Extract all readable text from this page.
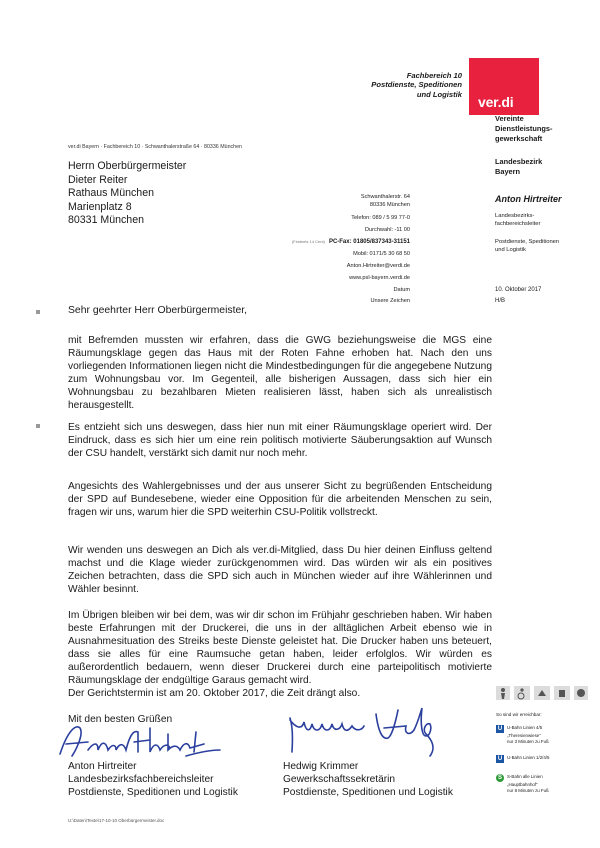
Fachbereich 10
Postdienste, Speditionen
und Logistik ver.di
ver.di Bayern · Fachbereich 10 · Schwanthalerstraße 64 · 80336 München
Herrn Oberbürgermeister
Dieter Reiter
Rathaus München
Marienplatz 8
80331 München
Schwanthalerstr. 64
80336 München
Telefon: 089 / 5 99 77-0
Durchwahl: -11 00
(Festnetz 14 Cent) PC-Fax: 01805/837343-31151
Mobil: 0171/5 30 68 50
Anton.Hirtreiter@verdi.de
www.psl-bayern.verdi.de
Datum
Unsere Zeichen
Vereinte
Dienstleistungs-
gewerkschaft
Landesbezirk
Bayern
Anton Hirtreiter
Landesbezirks-
fachbereichsleiter
Postdienste, Speditionen
und Logistik
10. Oktober 2017
H/B
Sehr geehrter Herr Oberbürgermeister,
mit Befremden mussten wir erfahren, dass die GWG beziehungsweise die MGS eine Räumungsklage gegen das Haus mit der Roten Fahne erhoben hat. Nach den uns vorliegenden Informationen liegen nicht die Mindestbedingungen für die angegebene Nutzung zum Wohnungsbau vor. Im Gegenteil, alle bisherigen Aussagen, dass sich hier ein Wohnungsbau zu bezahlbaren Mieten realisieren lässt, haben sich als unrealistisch herausgestellt.
Es entzieht sich uns deswegen, dass hier nun mit einer Räumungsklage operiert wird. Der Eindruck, dass es sich hier um eine rein politisch motivierte Säuberungsaktion auf Wunsch der CSU handelt, verstärkt sich damit nur noch mehr.
Angesichts des Wahlergebnisses und der aus unserer Sicht zu begrüßenden Entscheidung der SPD auf Bundesebene, wieder eine Opposition für die arbeitenden Menschen zu sein, fragen wir uns, warum hier die SPD weiterhin CSU-Politik vollstreckt.
Wir wenden uns deswegen an Dich als ver.di-Mitglied, dass Du hier deinen Einfluss geltend machst und die Klage wieder zurückgenommen wird. Das würden wir als ein positives Zeichen betrachten, dass die SPD sich auch in München wieder auf ihre Wählerinnen und Wähler besinnt.
Im Übrigen bleiben wir bei dem, was wir dir schon im Frühjahr geschrieben haben. Wir haben beste Erfahrungen mit der Druckerei, die uns in der alltäglichen Arbeit ebenso wie in Ausnahmesituation des Streiks beste Dienste geleistet hat. Die Drucker haben uns beteuert, dass sie alles für eine Raumsuche getan haben, leider erfolglos. Wir würden es außerordentlich bedauern, wenn dieser Druckerei durch eine parteipolitisch motivierte Räumungsklage der endgültige Garaus gemacht wird.
Der Gerichtstermin ist am 20. Oktober 2017, die Zeit drängt also.
Mit den besten Grüßen
Anton Hirtreiter
Landesbezirksfachbereichsleiter
Postdienste, Speditionen und Logistik
Hedwig Krimmer
Gewerkschaftssekretärin
Postdienste, Speditionen und Logistik
So sind wir erreichbar:
U U-Bahn Linien 4/5
„Theresienwiese“
nur 3 Minuten zu Fuß
U U-Bahn Linien 1/2/4/5
S S-Bahn alle Linien
„Hauptbahnhof“
nur 8 Minuten zu Fuß
U:\Daten\Texte\17-10-10 Oberbürgermeister.doc
